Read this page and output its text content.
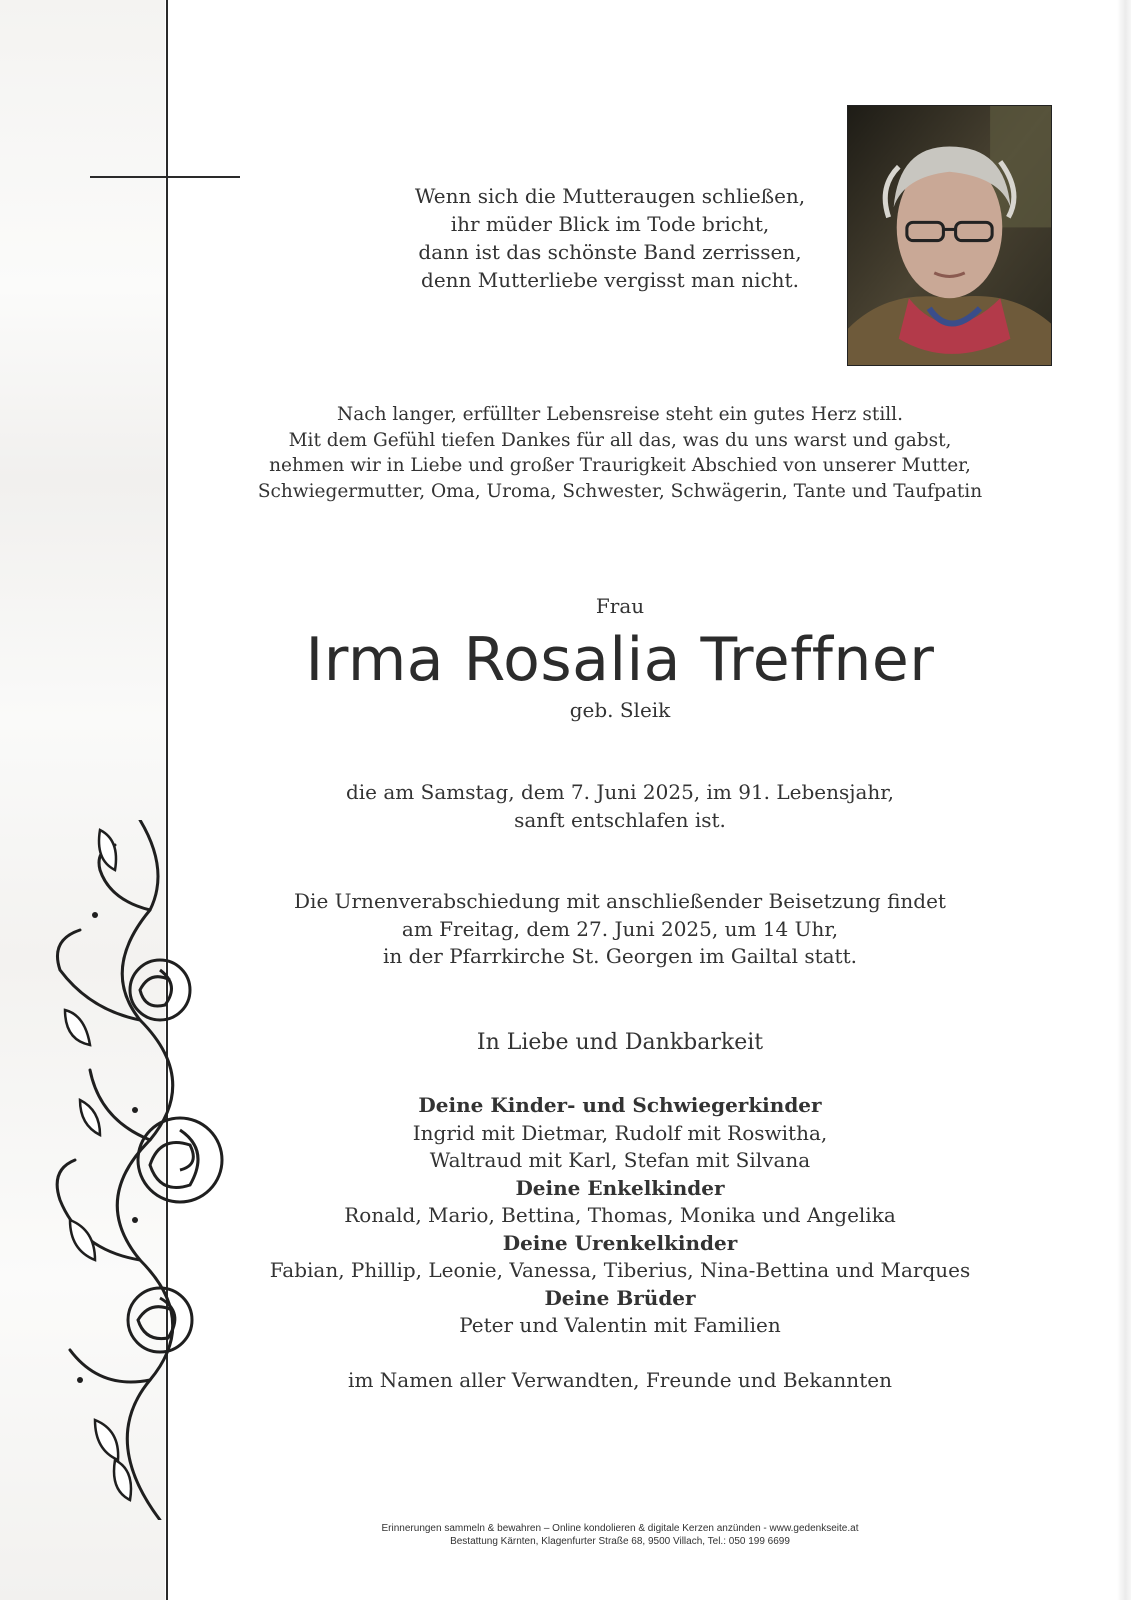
Wenn sich die Mutteraugen schließen,
ihr müder Blick im Tode bricht,
dann ist das schönste Band zerrissen,
denn Mutterliebe vergisst man nicht.
Nach langer, erfüllter Lebensreise steht ein gutes Herz still.
Mit dem Gefühl tiefen Dankes für all das, was du uns warst und gabst,
nehmen wir in Liebe und großer Traurigkeit Abschied von unserer Mutter,
Schwiegermutter, Oma, Uroma, Schwester, Schwägerin, Tante und Taufpatin
Frau
Irma Rosalia Treffner
geb. Sleik
die am Samstag, dem 7. Juni 2025, im 91. Lebensjahr,
sanft entschlafen ist.
Die Urnenverabschiedung mit anschließender Beisetzung findet
am Freitag, dem 27. Juni 2025, um 14 Uhr,
in der Pfarrkirche St. Georgen im Gailtal statt.
In Liebe und Dankbarkeit
Deine Kinder- und Schwiegerkinder
Ingrid mit Dietmar, Rudolf mit Roswitha,
Waltraud mit Karl, Stefan mit Silvana
Deine Enkelkinder
Ronald, Mario, Bettina, Thomas, Monika und Angelika
Deine Urenkelkinder
Fabian, Phillip, Leonie, Vanessa, Tiberius, Nina-Bettina und Marques
Deine Brüder
Peter und Valentin mit Familien
im Namen aller Verwandten, Freunde und Bekannten
Erinnerungen sammeln & bewahren – Online kondolieren & digitale Kerzen anzünden - www.gedenkseite.at
Bestattung Kärnten, Klagenfurter Straße 68, 9500 Villach, Tel.: 050 199 6699
